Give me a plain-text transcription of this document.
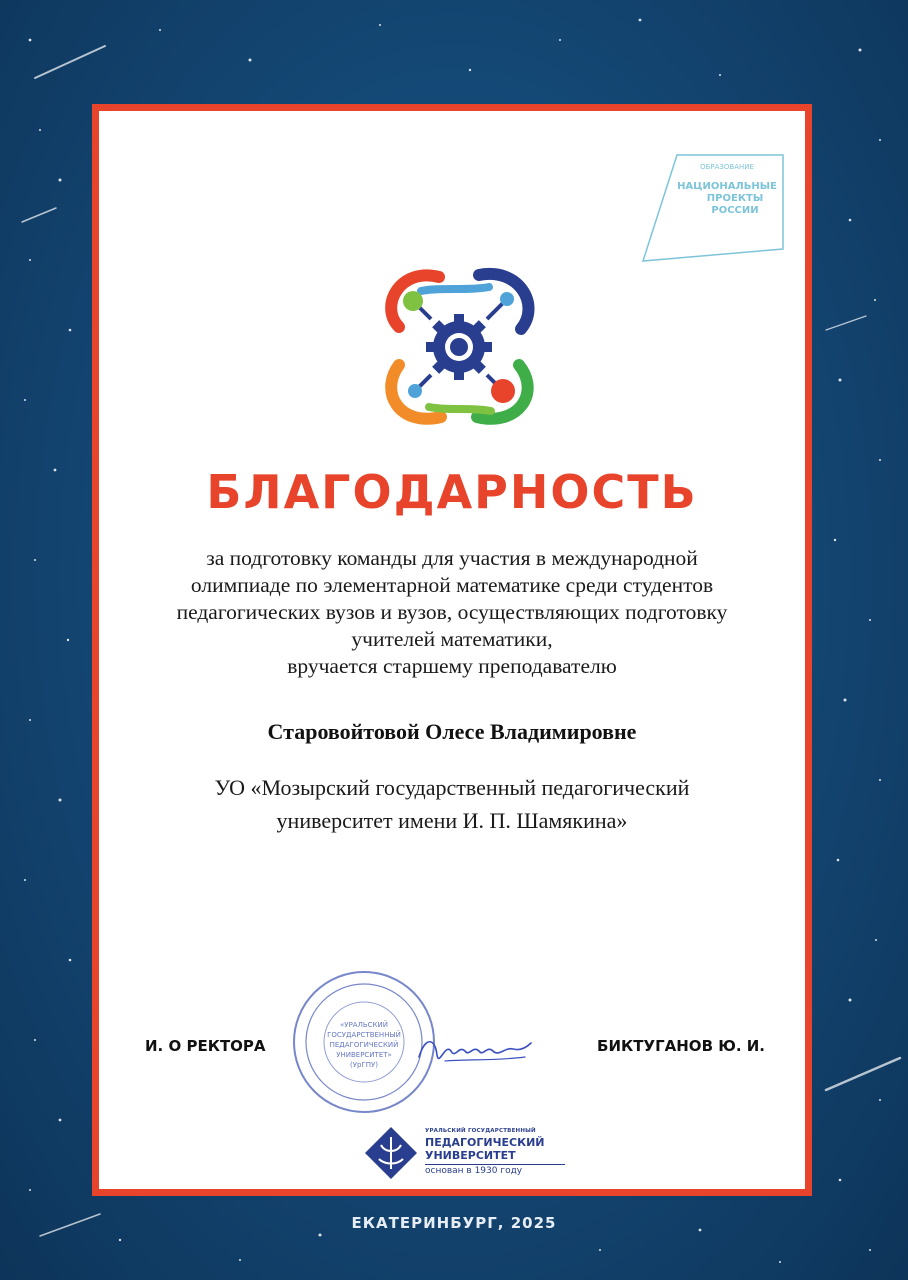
ОБРАЗОВАНИЕ
НАЦИОНАЛЬНЫЕ
ПРОЕКТЫ
РОССИИ
БЛАГОДАРНОСТЬ
за подготовку команды для участия в международной
олимпиаде по элементарной математике среди студентов
педагогических вузов и вузов, осуществляющих подготовку
учителей математики,
вручается старшему преподавателю
Старовойтовой Олесе Владимировне
УО «Мозырский государственный педагогический
университет имени И. П. Шамякина»
«УРАЛЬСКИЙ
ГОСУДАРСТВЕННЫЙ
ПЕДАГОГИЧЕСКИЙ
УНИВЕРСИТЕТ»
(УрГПУ)
И. О РЕКТОРА	БИКТУГАНОВ Ю. И.
УРАЛЬСКИЙ ГОСУДАРСТВЕННЫЙ
ПЕДАГОГИЧЕСКИЙ
УНИВЕРСИТЕТ
основан в 1930 году
ЕКАТЕРИНБУРГ, 2025
